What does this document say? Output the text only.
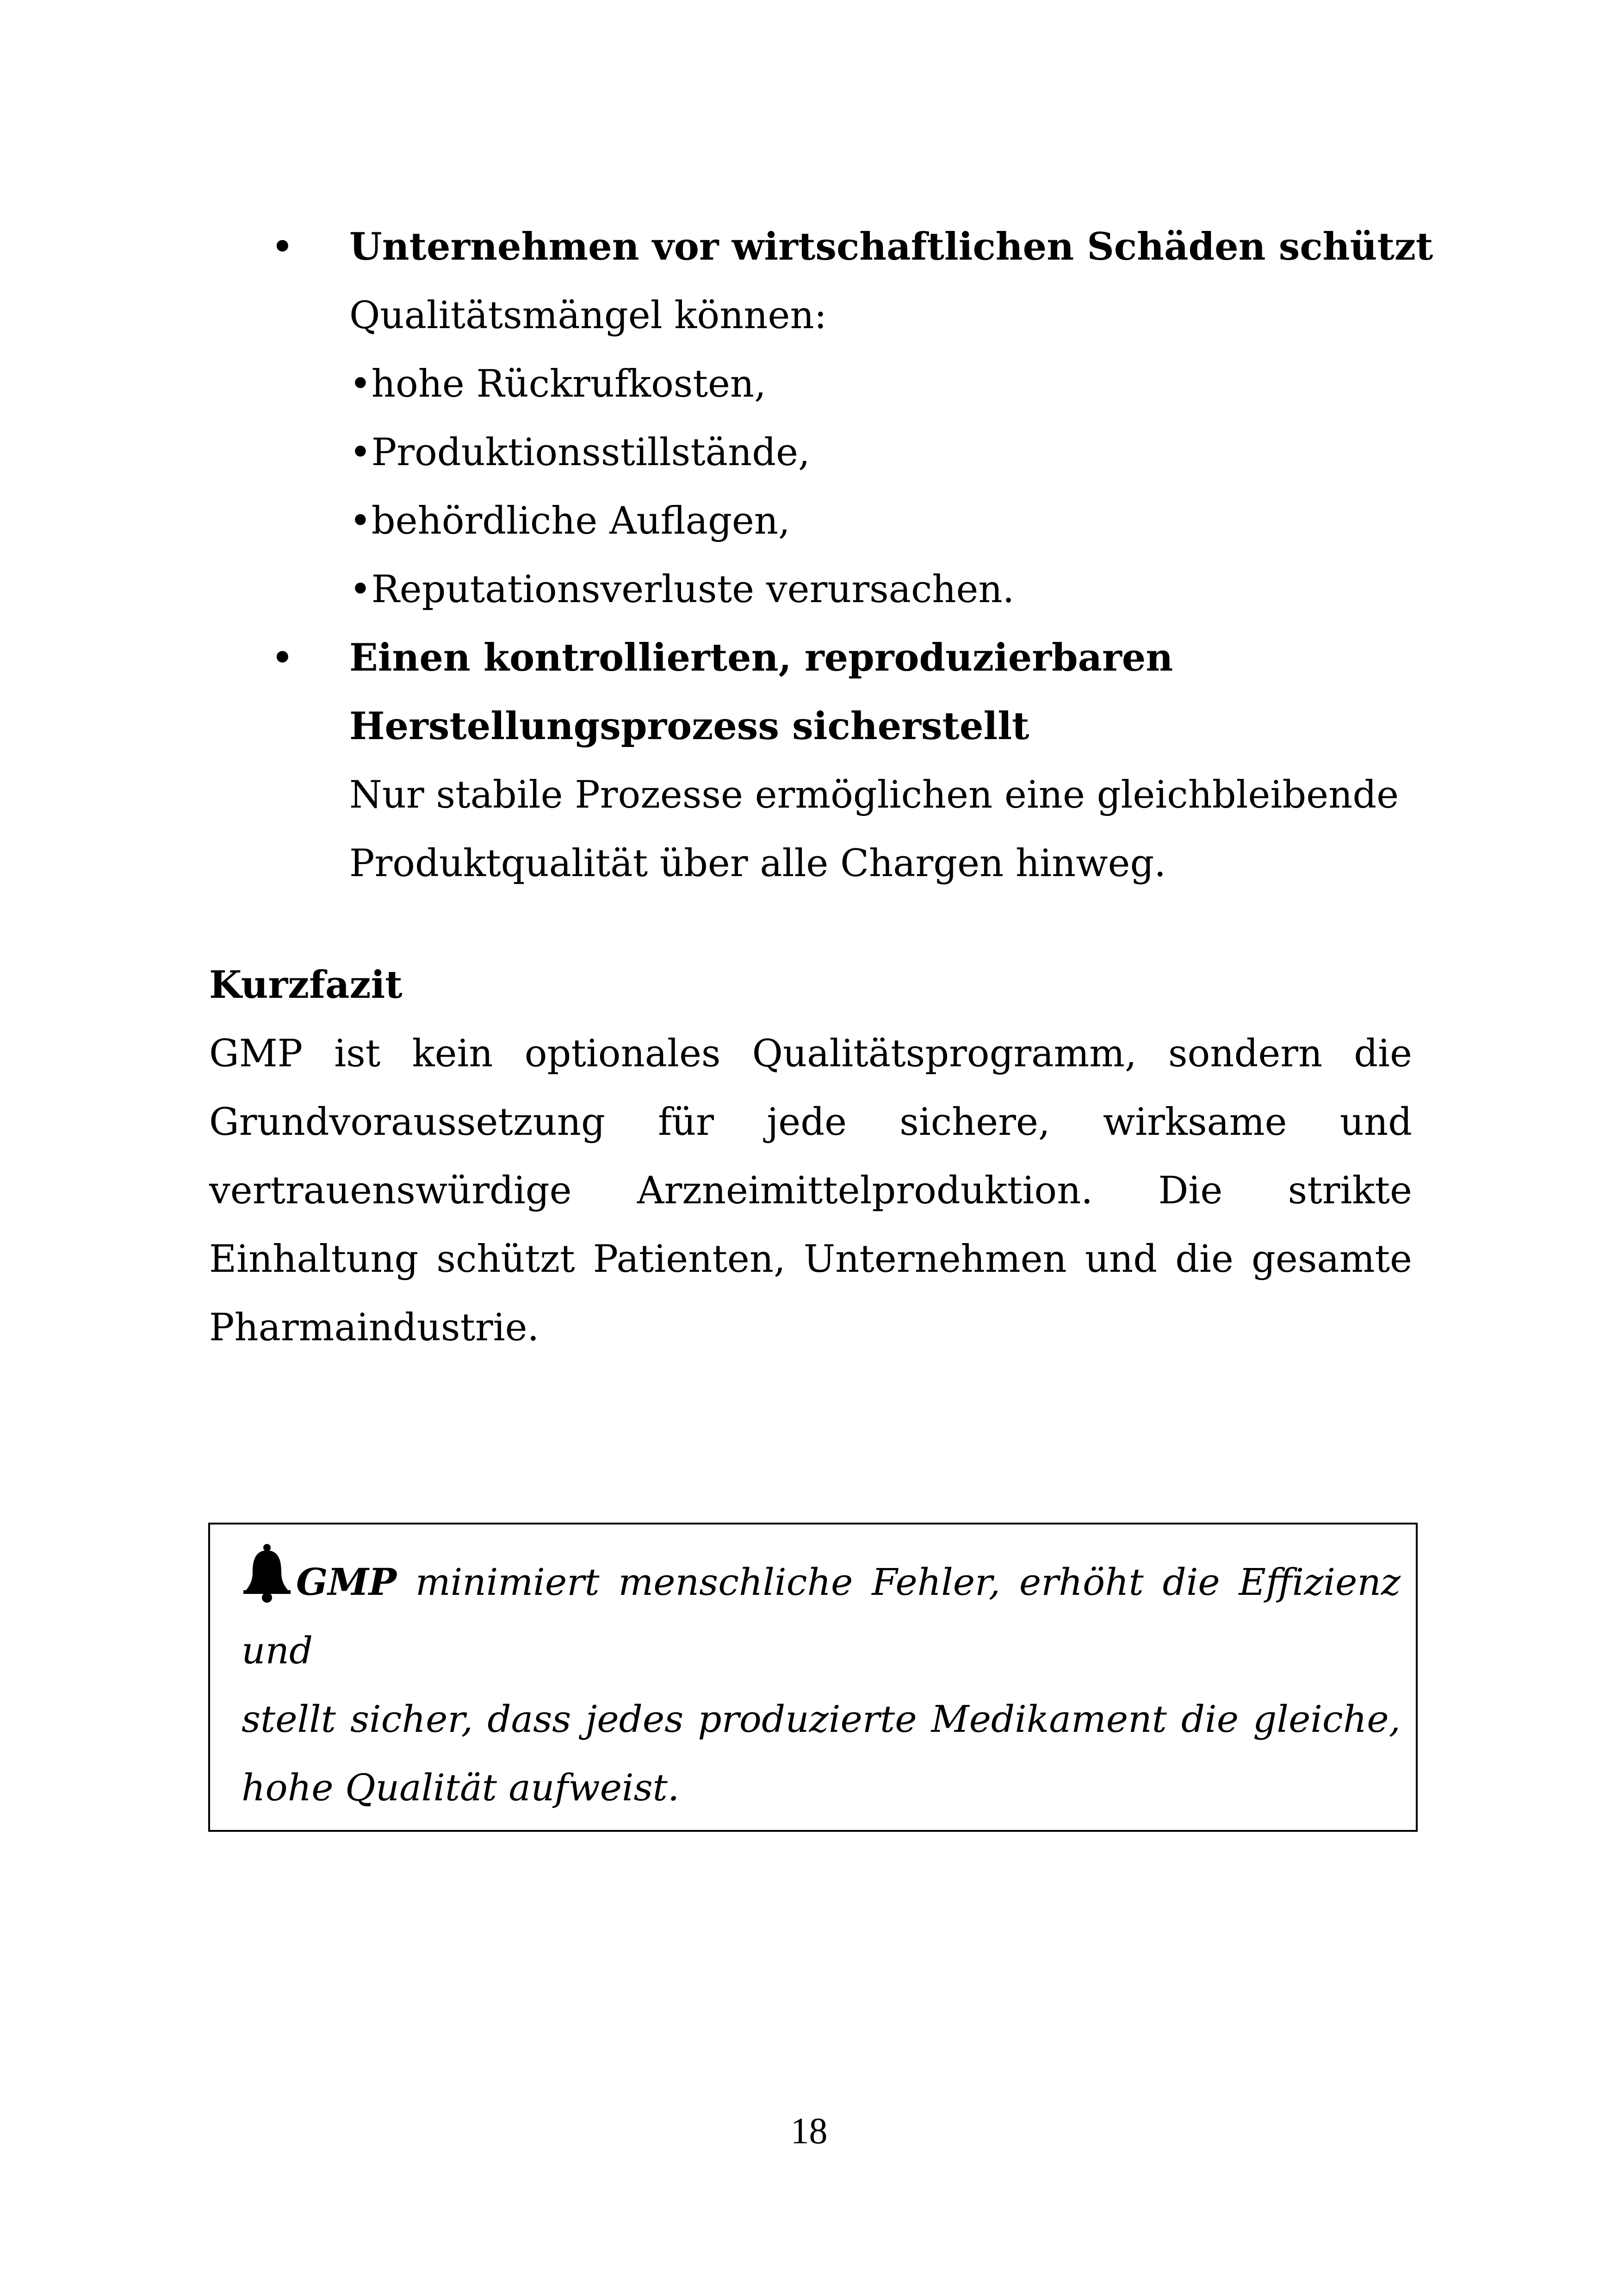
• Unternehmen vor wirtschaftlichen Schäden schützt
Qualitätsmängel können:
• hohe Rückrufkosten,
• Produktionsstillstände,
• behördliche Auflagen,
• Reputationsverluste verursachen.
• Einen kontrollierten, reproduzierbaren
Herstellungsprozess sicherstellt
Nur stabile Prozesse ermöglichen eine gleichbleibende
Produktqualität über alle Chargen hinweg.
Kurzfazit
GMP ist kein optionales Qualitätsprogramm, sondern die
Grundvoraussetzung für jede sichere, wirksame und
vertrauenswürdige Arzneimittelproduktion. Die strikte
Einhaltung schützt Patienten, Unternehmen und die gesamte
Pharmaindustrie.
GMP minimiert menschliche Fehler, erhöht die Effizienz und
stellt sicher, dass jedes produzierte Medikament die gleiche,
hohe Qualität aufweist.
18
